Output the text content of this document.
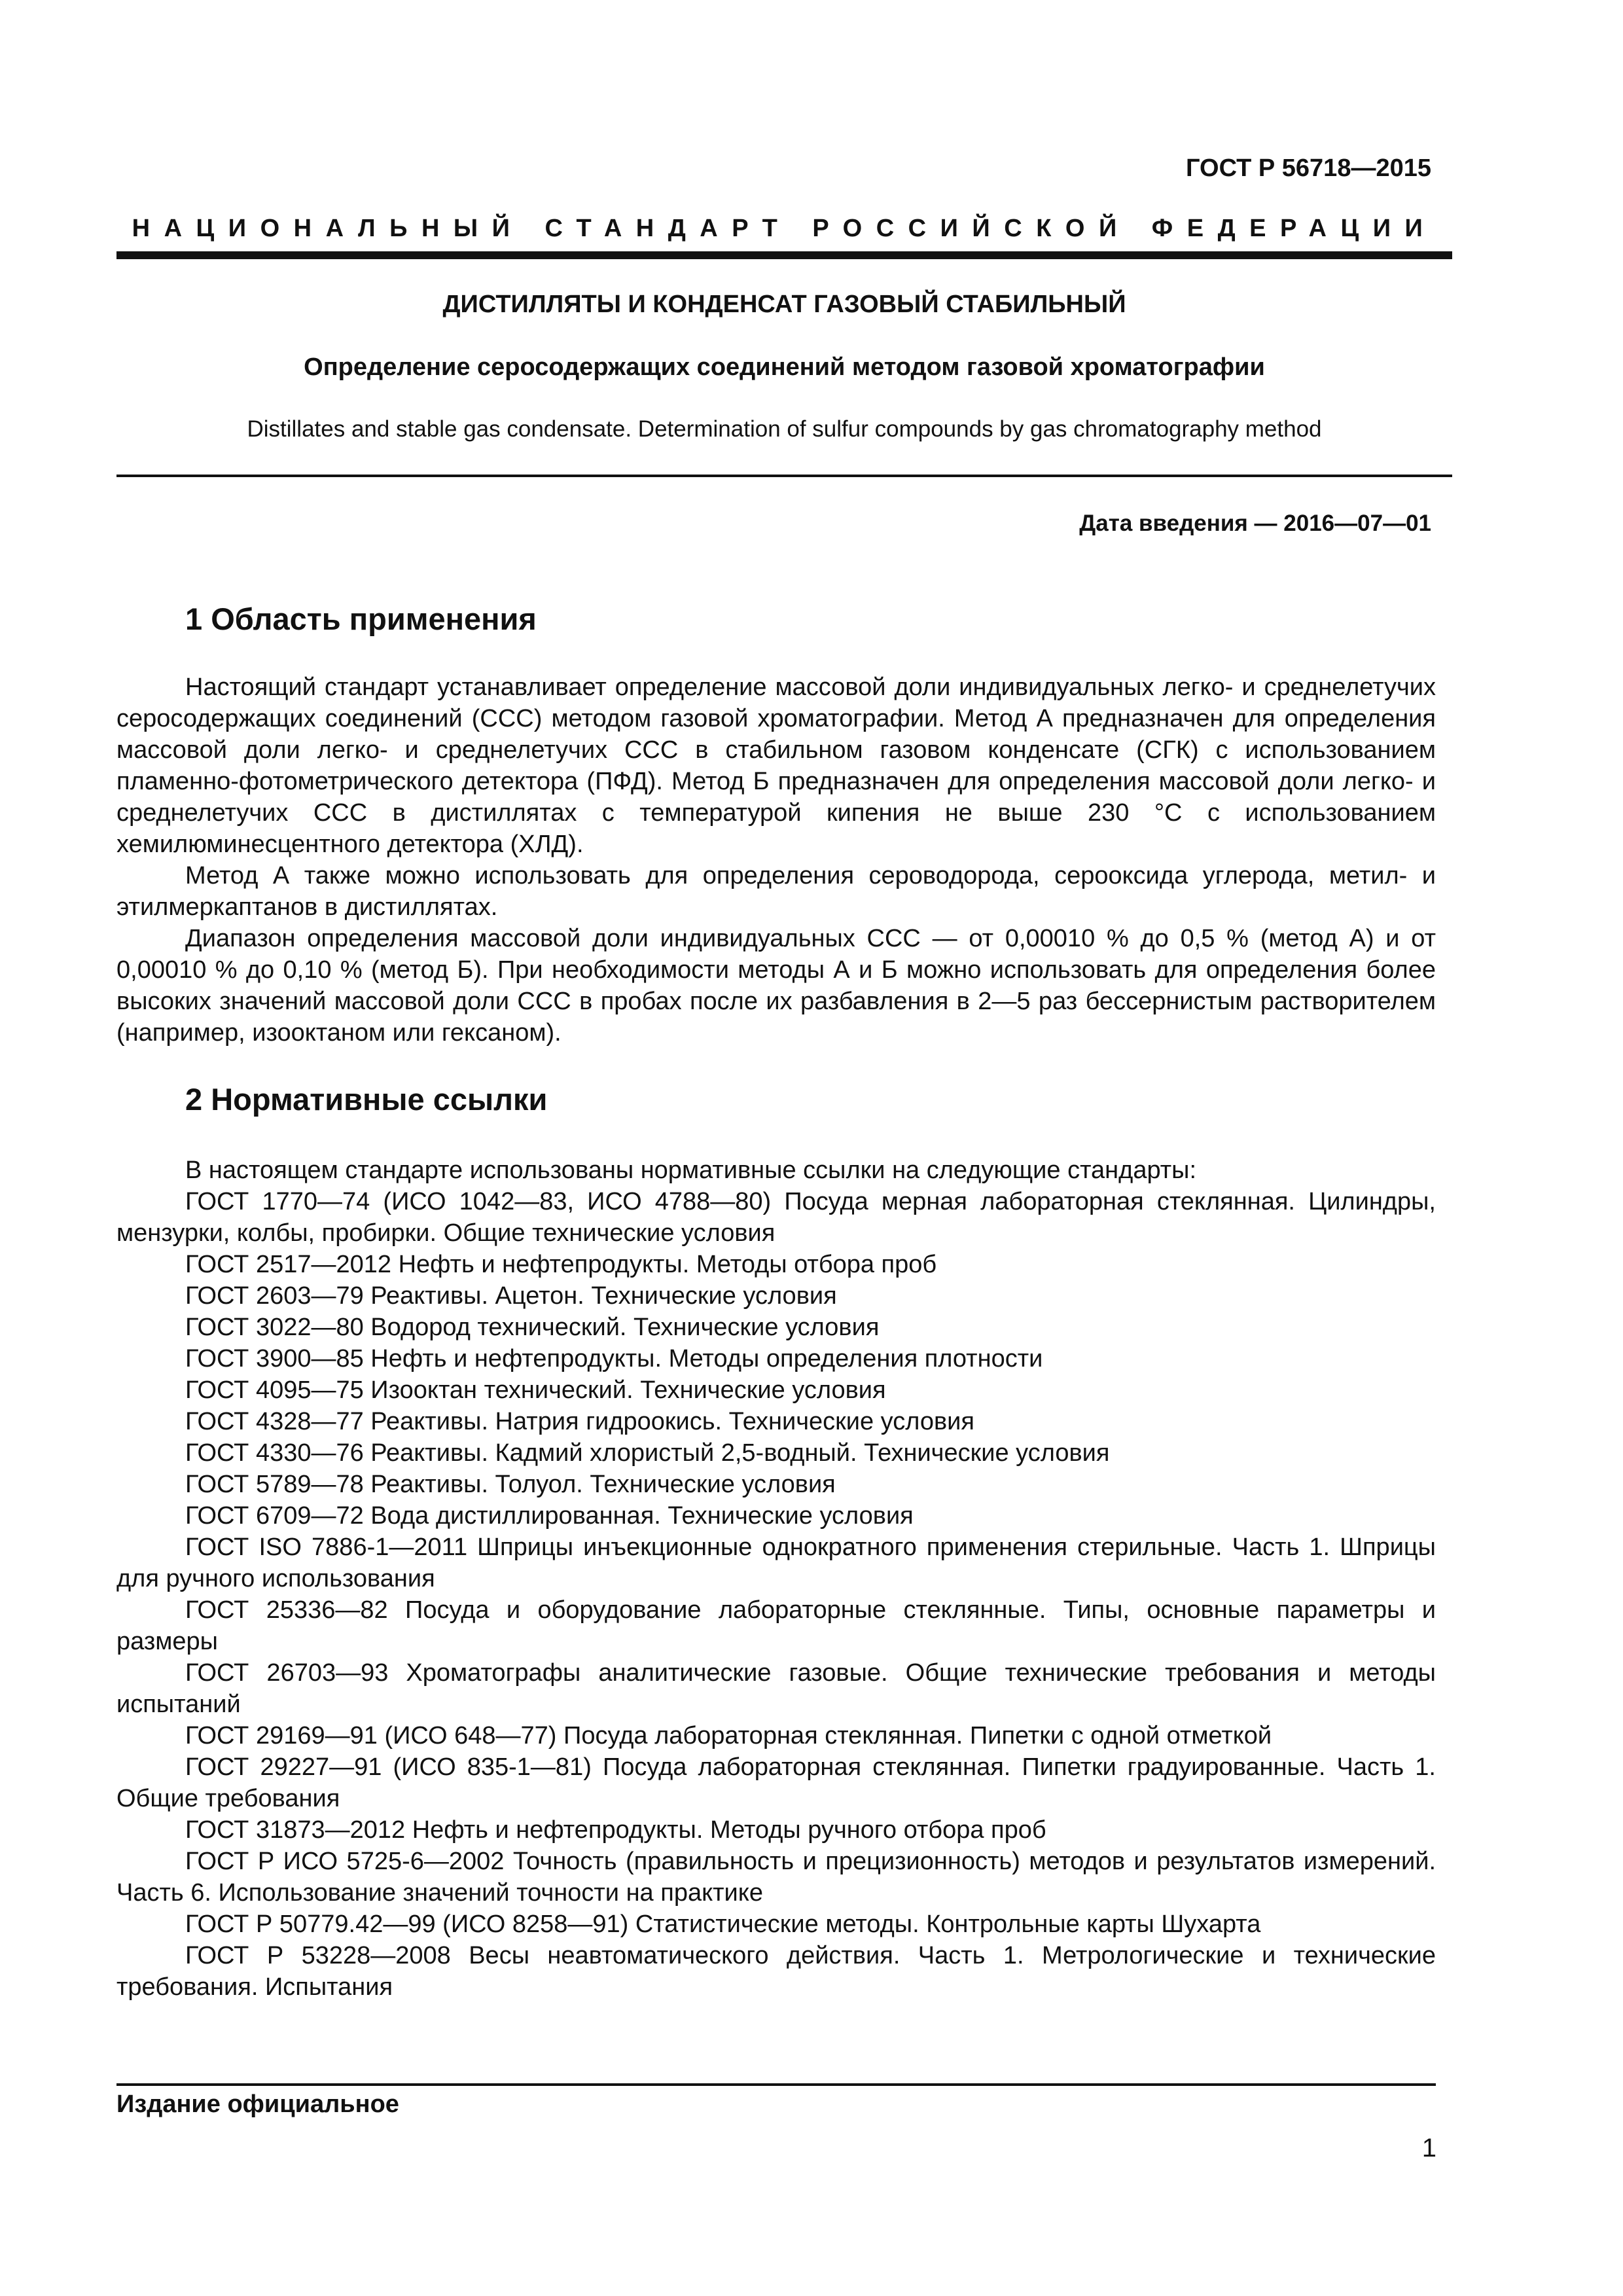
ГОСТ Р 56718—2015
НАЦИОНАЛЬНЫЙ СТАНДАРТ РОССИЙСКОЙ ФЕДЕРАЦИИ
ДИСТИЛЛЯТЫ И КОНДЕНСАТ ГАЗОВЫЙ СТАБИЛЬНЫЙ
Определение серосодержащих соединений методом газовой хроматографии
Distillates and stable gas condensate. Determination of sulfur compounds by gas chromatography method
Дата введения — 2016—07—01
1 Область применения

Настоящий стандарт устанавливает определение массовой доли индивидуальных легко- и среднелетучих серосодержащих соединений (ССС) методом газовой хроматографии. Метод А предназначен для определения массовой доли легко- и среднелетучих ССС в стабильном газовом конденсате (СГК) с использованием пламенно-фотометрического детектора (ПФД). Метод Б предназначен для определения массовой доли легко- и среднелетучих ССС в дистиллятах с температурой кипения не выше 230 °С с использованием хемилюминесцентного детектора (ХЛД).

Метод А также можно использовать для определения сероводорода, серооксида углерода, метил- и этилмеркаптанов в дистиллятах.

Диапазон определения массовой доли индивидуальных ССС — от 0,00010 % до 0,5 % (метод А) и от 0,00010 % до 0,10 % (метод Б). При необходимости методы А и Б можно использовать для определения более высоких значений массовой доли ССС в пробах после их разбавления в 2—5 раз бессернистым растворителем (например, изооктаном или гексаном).

2 Нормативные ссылки

В настоящем стандарте использованы нормативные ссылки на следующие стандарты:

ГОСТ 1770—74 (ИСО 1042—83, ИСО 4788—80) Посуда мерная лабораторная стеклянная. Цилиндры, мензурки, колбы, пробирки. Общие технические условия

ГОСТ 2517—2012 Нефть и нефтепродукты. Методы отбора проб

ГОСТ 2603—79 Реактивы. Ацетон. Технические условия

ГОСТ 3022—80 Водород технический. Технические условия

ГОСТ 3900—85 Нефть и нефтепродукты. Методы определения плотности

ГОСТ 4095—75 Изооктан технический. Технические условия

ГОСТ 4328—77 Реактивы. Натрия гидроокись. Технические условия

ГОСТ 4330—76 Реактивы. Кадмий хлористый 2,5-водный. Технические условия

ГОСТ 5789—78 Реактивы. Толуол. Технические условия

ГОСТ 6709—72 Вода дистиллированная. Технические условия

ГОСТ ISO 7886-1—2011 Шприцы инъекционные однократного применения стерильные. Часть 1. Шприцы для ручного использования

ГОСТ 25336—82 Посуда и оборудование лабораторные стеклянные. Типы, основные параметры и размеры

ГОСТ 26703—93 Хроматографы аналитические газовые. Общие технические требования и методы испытаний

ГОСТ 29169—91 (ИСО 648—77) Посуда лабораторная стеклянная. Пипетки с одной отметкой

ГОСТ 29227—91 (ИСО 835-1—81) Посуда лабораторная стеклянная. Пипетки градуированные. Часть 1. Общие требования

ГОСТ 31873—2012 Нефть и нефтепродукты. Методы ручного отбора проб

ГОСТ Р ИСО 5725-6—2002 Точность (правильность и прецизионность) методов и результатов измерений. Часть 6. Использование значений точности на практике

ГОСТ Р 50779.42—99 (ИСО 8258—91) Статистические методы. Контрольные карты Шухарта

ГОСТ Р 53228—2008 Весы неавтоматического действия. Часть 1. Метрологические и технические требования. Испытания

Издание официальное
1
